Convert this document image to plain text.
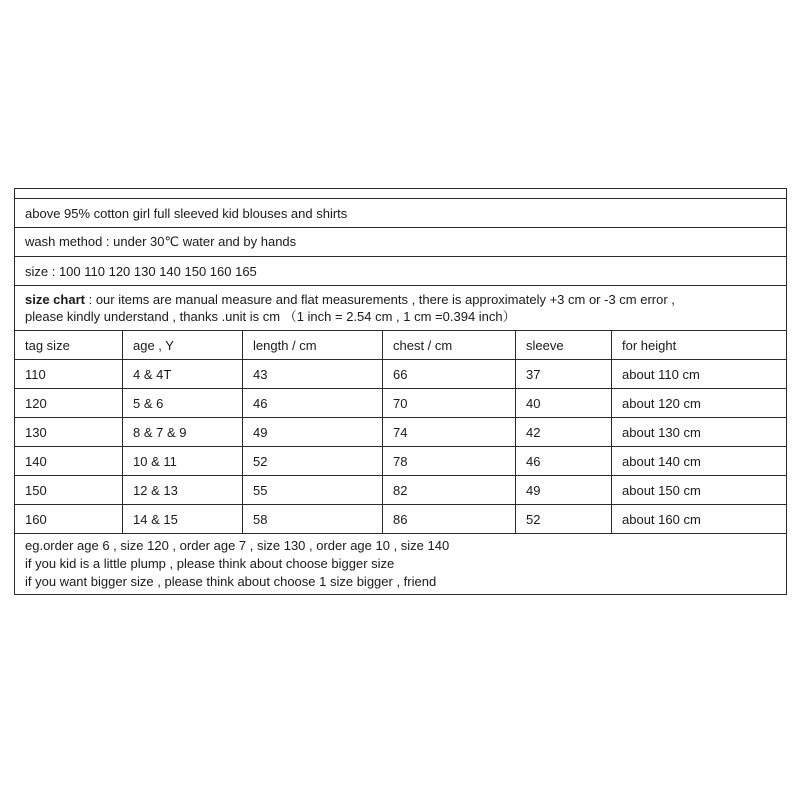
above 95% cotton girl full sleeved kid blouses and shirts					
wash method : under 30℃ water and by hands					
size : 100 110 120 130 140 150 160 165					

size chart : our items are manual measure and flat measurements , there is approximately +3 cm or -3 cm error ,
please kindly understand , thanks .unit is cm （1 inch = 2.54 cm , 1 cm =0.394 inch）					

tag size	age , Y	length / cm	chest / cm	sleeve	for height
110	4 & 4T	43	66	37	about 110 cm
120	5 & 6	46	70	40	about 120 cm
130	8 & 7 & 9	49	74	42	about 130 cm
140	10 & 11	52	78	46	about 140 cm
150	12 & 13	55	82	49	about 150 cm
160	14 & 15	58	86	52	about 160 cm

eg.order age 6 , size 120 , order age 7 , size 130 , order age 10 , size 140
if you kid is a little plump , please think about choose bigger size
if you want bigger size , please think about choose 1 size bigger , friend					
